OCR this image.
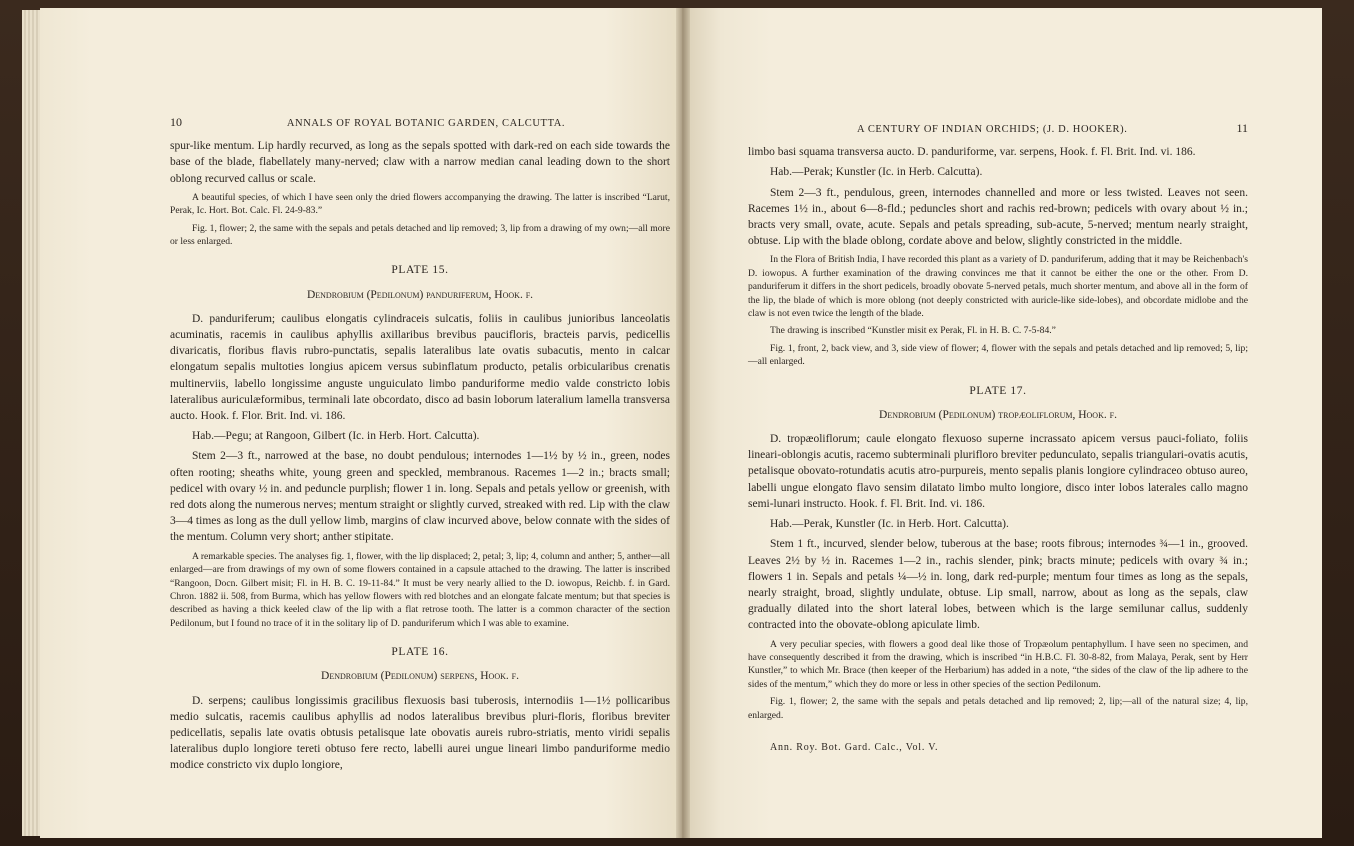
10	ANNALS OF ROYAL BOTANIC GARDEN, CALCUTTA.

spur-like mentum. Lip hardly recurved, as long as the sepals spotted with dark-red on each side towards the base of the blade, flabellately many-nerved; claw with a narrow median canal leading down to the short oblong recurved callus or scale.

A beautiful species, of which I have seen only the dried flowers accompanying the drawing. The latter is inscribed “Larut, Perak, Ic. Hort. Bot. Calc. Fl. 24-9-83.”

Fig. 1, flower; 2, the same with the sepals and petals detached and lip removed; 3, lip from a drawing of my own;—all more or less enlarged.

PLATE 15.
Dendrobium (Pedilonum) panduriferum, Hook. f.

D. panduriferum; caulibus elongatis cylindraceis sulcatis, foliis in caulibus junioribus lanceolatis acuminatis, racemis in caulibus aphyllis axillaribus brevibus paucifloris, bracteis parvis, pedicellis divaricatis, floribus flavis rubro-punctatis, sepalis lateralibus late ovatis subacutis, mento in calcar elongatum sepalis multoties longius apicem versus subinflatum producto, petalis orbicularibus crenatis multinerviis, labello longissime anguste unguiculato limbo panduriforme medio valde constricto lobis lateralibus auriculæformibus, terminali late obcordato, disco ad basin loborum lateralium lamella transversa aucto. Hook. f. Flor. Brit. Ind. vi. 186.

Hab.—Pegu; at Rangoon, Gilbert (Ic. in Herb. Hort. Calcutta).

Stem 2—3 ft., narrowed at the base, no doubt pendulous; internodes 1—1½ by ½ in., green, nodes often rooting; sheaths white, young green and speckled, membranous. Racemes 1—2 in.; bracts small; pedicel with ovary ½ in. and peduncle purplish; flower 1 in. long. Sepals and petals yellow or greenish, with red dots along the numerous nerves; mentum straight or slightly curved, streaked with red. Lip with the claw 3—4 times as long as the dull yellow limb, margins of claw incurved above, below connate with the sides of the mentum. Column very short; anther stipitate.

A remarkable species. The analyses fig. 1, flower, with the lip displaced; 2, petal; 3, lip; 4, column and anther; 5, anther—all enlarged—are from drawings of my own of some flowers contained in a capsule attached to the drawing. The latter is inscribed “Rangoon, Docn. Gilbert misit; Fl. in H. B. C. 19-11-84.” It must be very nearly allied to the D. iowopus, Reichb. f. in Gard. Chron. 1882 ii. 508, from Burma, which has yellow flowers with red blotches and an elongate falcate mentum; but that species is described as having a thick keeled claw of the lip with a flat retrose tooth. The latter is a common character of the section Pedilonum, but I found no trace of it in the solitary lip of D. panduriferum which I was able to examine.

PLATE 16.
Dendrobium (Pedilonum) serpens, Hook. f.

D. serpens; caulibus longissimis gracilibus flexuosis basi tuberosis, internodiis 1—1½ pollicaribus medio sulcatis, racemis caulibus aphyllis ad nodos lateralibus brevibus pluri-floris, floribus breviter pedicellatis, sepalis late ovatis obtusis petalisque late obovatis aureis rubro-striatis, mento viridi sepalis lateralibus duplo longiore tereti obtuso fere recto, labelli aurei ungue lineari limbo panduriforme medio modice constricto vix duplo longiore,

A CENTURY OF INDIAN ORCHIDS; (J. D. HOOKER).	11

limbo basi squama transversa aucto. D. panduriforme, var. serpens, Hook. f. Fl. Brit. Ind. vi. 186.

Hab.—Perak; Kunstler (Ic. in Herb. Calcutta).

Stem 2—3 ft., pendulous, green, internodes channelled and more or less twisted. Leaves not seen. Racemes 1½ in., about 6—8-fld.; peduncles short and rachis red-brown; pedicels with ovary about ½ in.; bracts very small, ovate, acute. Sepals and petals spreading, sub-acute, 5-nerved; mentum nearly straight, obtuse. Lip with the blade oblong, cordate above and below, slightly constricted in the middle.

In the Flora of British India, I have recorded this plant as a variety of D. panduriferum, adding that it may be Reichenbach's D. iowopus. A further examination of the drawing convinces me that it cannot be either the one or the other. From D. panduriferum it differs in the short pedicels, broadly obovate 5-nerved petals, much shorter mentum, and above all in the form of the lip, the blade of which is more oblong (not deeply constricted with auricle-like side-lobes), and obcordate midlobe and the claw is not even twice the length of the blade.

The drawing is inscribed “Kunstler misit ex Perak, Fl. in H. B. C. 7-5-84.”

Fig. 1, front, 2, back view, and 3, side view of flower; 4, flower with the sepals and petals detached and lip removed; 5, lip;—all enlarged.

PLATE 17.
Dendrobium (Pedilonum) tropæoliflorum, Hook. f.

D. tropæoliflorum; caule elongato flexuoso superne incrassato apicem versus pauci-foliato, foliis lineari-oblongis acutis, racemo subterminali plurifloro breviter pedunculato, sepalis triangulari-ovatis acutis, petalisque obovato-rotundatis acutis atro-purpureis, mento sepalis planis longiore cylindraceo obtuso aureo, labelli ungue elongato flavo sensim dilatato limbo multo longiore, disco inter lobos laterales callo magno semi-lunari instructo. Hook. f. Fl. Brit. Ind. vi. 186.

Hab.—Perak, Kunstler (Ic. in Herb. Hort. Calcutta).

Stem 1 ft., incurved, slender below, tuberous at the base; roots fibrous; internodes ¾—1 in., grooved. Leaves 2½ by ½ in. Racemes 1—2 in., rachis slender, pink; bracts minute; pedicels with ovary ¾ in.; flowers 1 in. Sepals and petals ¼—½ in. long, dark red-purple; mentum four times as long as the sepals, nearly straight, broad, slightly undulate, obtuse. Lip small, narrow, about as long as the sepals, claw gradually dilated into the short lateral lobes, between which is the large semilunar callus, suddenly contracted into the obovate-oblong apiculate limb.

A very peculiar species, with flowers a good deal like those of Tropæolum pentaphyllum. I have seen no specimen, and have consequently described it from the drawing, which is inscribed “in H.B.C. Fl. 30-8-82, from Malaya, Perak, sent by Herr Kunstler,” to which Mr. Brace (then keeper of the Herbarium) has added in a note, “the sides of the claw of the lip adhere to the sides of the mentum,” which they do more or less in other species of the section Pedilonum.

Fig. 1, flower; 2, the same with the sepals and petals detached and lip removed; 2, lip;—all of the natural size; 4, lip, enlarged.

Ann. Roy. Bot. Gard. Calc., Vol. V.
